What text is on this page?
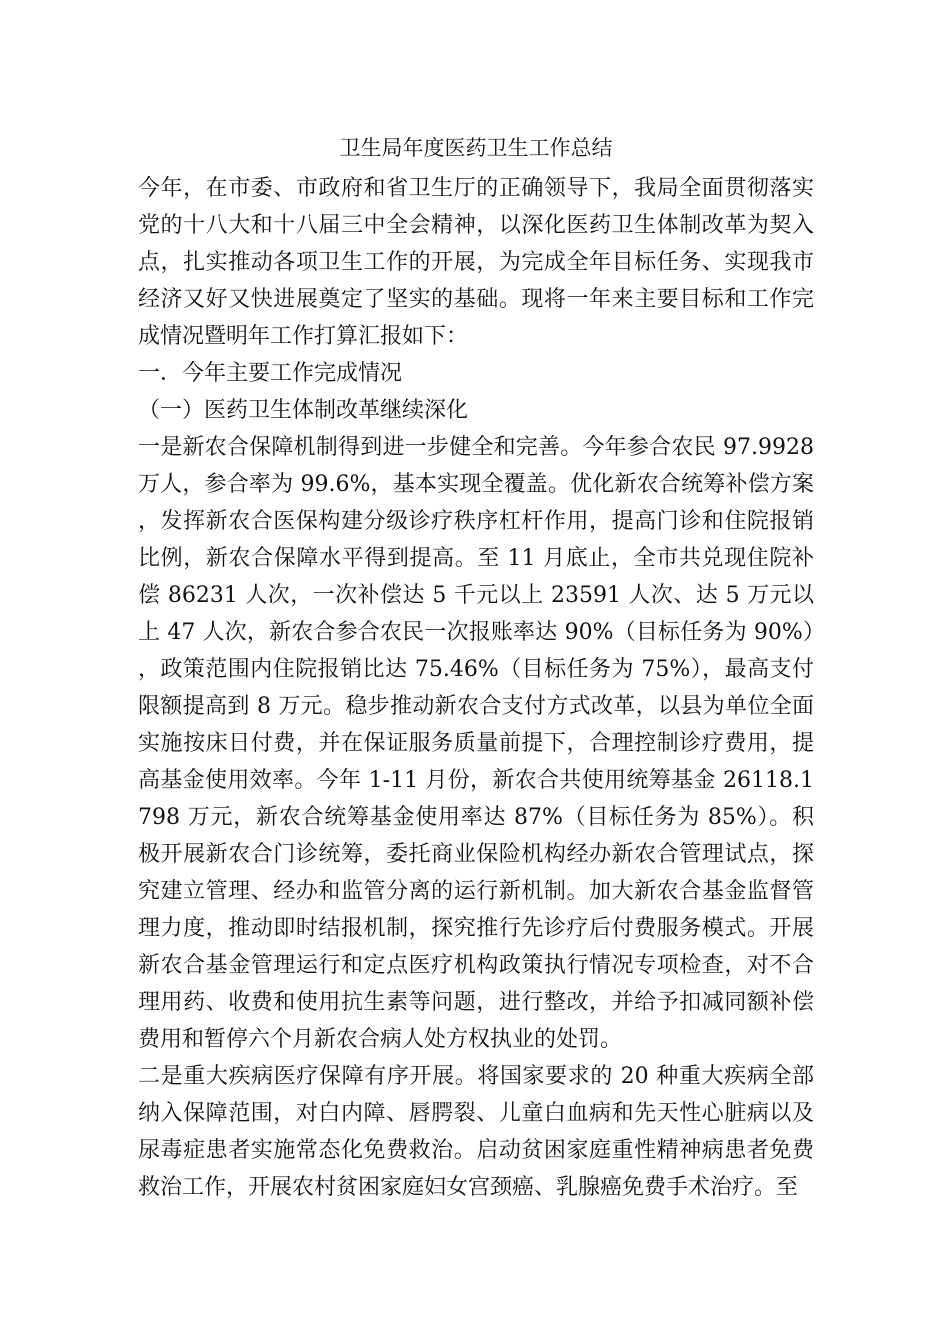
卫生局年度医药卫生工作总结

今年，在市委、市政府和省卫生厅的正确领导下，我局全面贯彻落实党的十八大和十八届三中全会精神，以深化医药卫生体制改革为契入点，扎实推动各项卫生工作的开展，为完成全年目标任务、实现我市经济又好又快进展奠定了坚实的基础。现将一年来主要目标和工作完成情况暨明年工作打算汇报如下：

一．今年主要工作完成情况

（一）医药卫生体制改革继续深化

一是新农合保障机制得到进一步健全和完善。今年参合农民 97.9928 万人，参合率为 99.6%，基本实现全覆盖。优化新农合统筹补偿方案，发挥新农合医保构建分级诊疗秩序杠杆作用，提高门诊和住院报销比例，新农合保障水平得到提高。至 11 月底止，全市共兑现住院补偿 86231 人次，一次补偿达 5 千元以上 23591 人次、达 5 万元以上 47 人次，新农合参合农民一次报账率达 90%（目标任务为 90%），政策范围内住院报销比达 75.46%（目标任务为 75%），最高支付限额提高到 8 万元。稳步推动新农合支付方式改革，以县为单位全面实施按床日付费，并在保证服务质量前提下，合理控制诊疗费用，提高基金使用效率。今年 1-11 月份，新农合共使用统筹基金 26118.1798 万元，新农合统筹基金使用率达 87%（目标任务为 85%）。积极开展新农合门诊统筹，委托商业保险机构经办新农合管理试点，探究建立管理、经办和监管分离的运行新机制。加大新农合基金监督管理力度，推动即时结报机制，探究推行先诊疗后付费服务模式。开展新农合基金管理运行和定点医疗机构政策执行情况专项检查，对不合理用药、收费和使用抗生素等问题，进行整改，并给予扣减同额补偿费用和暂停六个月新农合病人处方权执业的处罚。

二是重大疾病医疗保障有序开展。将国家要求的 20 种重大疾病全部纳入保障范围，对白内障、唇腭裂、儿童白血病和先天性心脏病以及尿毒症患者实施常态化免费救治。启动贫困家庭重性精神病患者免费救治工作，开展农村贫困家庭妇女宫颈癌、乳腺癌免费手术治疗。至
